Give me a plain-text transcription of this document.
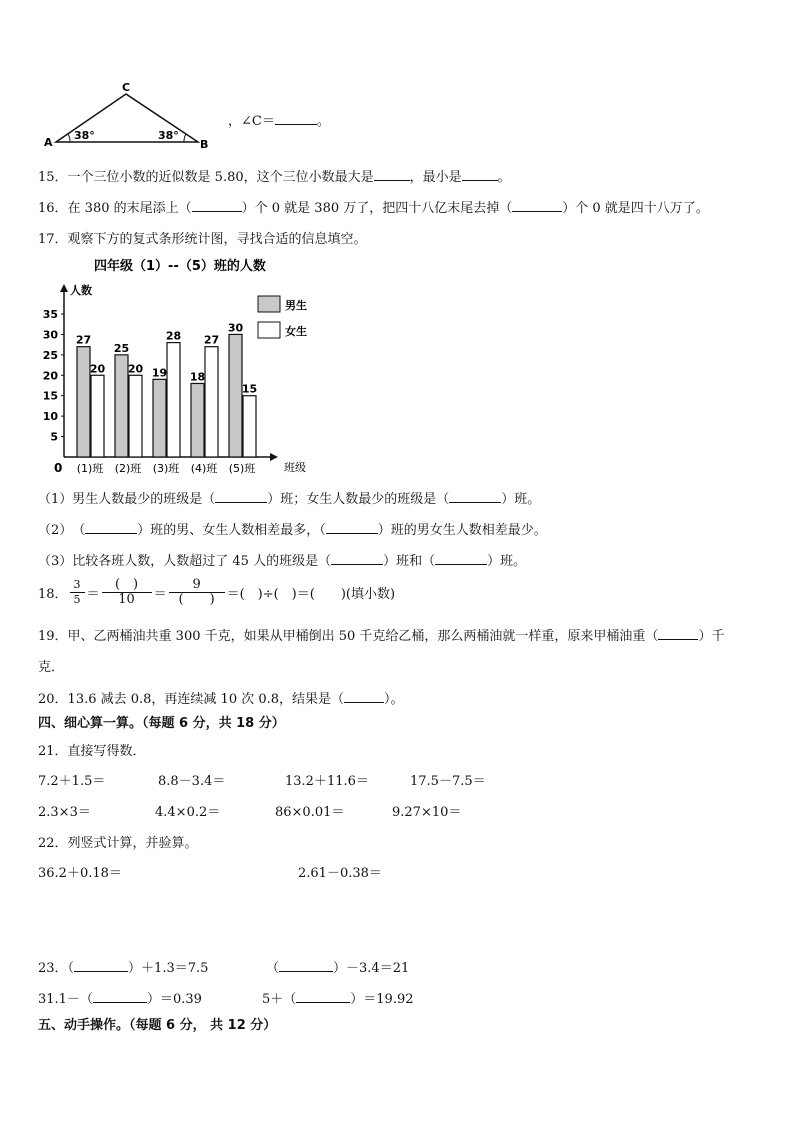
A	B
C
38°	38°
，∠C＝	。
15．一个三位小数的近似数是 5.80，这个三位小数最大是	，最小是	。
16．在 380 的末尾添上（	）个 0 就是 380 万了，把四十八亿末尾去掉（	）个 0 就是四十八万了。
17．观察下方的复式条形统计图，寻找合适的信息填空。
四年级（1）--（5）班的人数
人数
班级
0
5
10
15
20
25
30
35
男生
女生
27
20
(1)班
25
20
(2)班
19
28
(3)班
18
27
(4)班
30
15
(5)班
（1）男生人数最少的班级是（	）班；女生人数最少的班级是（	）班。
（2）　（	）班的男、女生人数相差最多，（	）班的男女生人数相差最少。
（3）比较各班人数，人数超过了 45 人的班级是（	）班和（	）班。
18． $\frac{3}{5} = \frac{( )}{10} = \frac{9}{( )}$ ＝(　)÷(　)＝(　　)(填小数)
19．甲、乙两桶油共重 300 千克，如果从甲桶倒出 50 千克给乙桶，那么两桶油就一样重，原来甲桶油重（	）千
克．
20．13.6 减去 0.8，再连续减 10 次 0.8，结果是（	）。
四、细心算一算。（每题 6 分，共 18 分）
21．直接写得数．
7.2＋1.5＝	8.8－3.4＝	13.2＋11.6＝	17.5－7.5＝
2.3×3＝	4.4×0.2＝	86×0.01＝	9.27×10＝
22．列竖式计算，并验算。
36.2＋0.18＝	2.61－0.38＝
23．（	）＋1.3＝7.5	（	）－3.4＝21
31.1－（	）＝0.39	5＋（	）＝19.92
五、动手操作。（每题 6 分， 共 12 分）
